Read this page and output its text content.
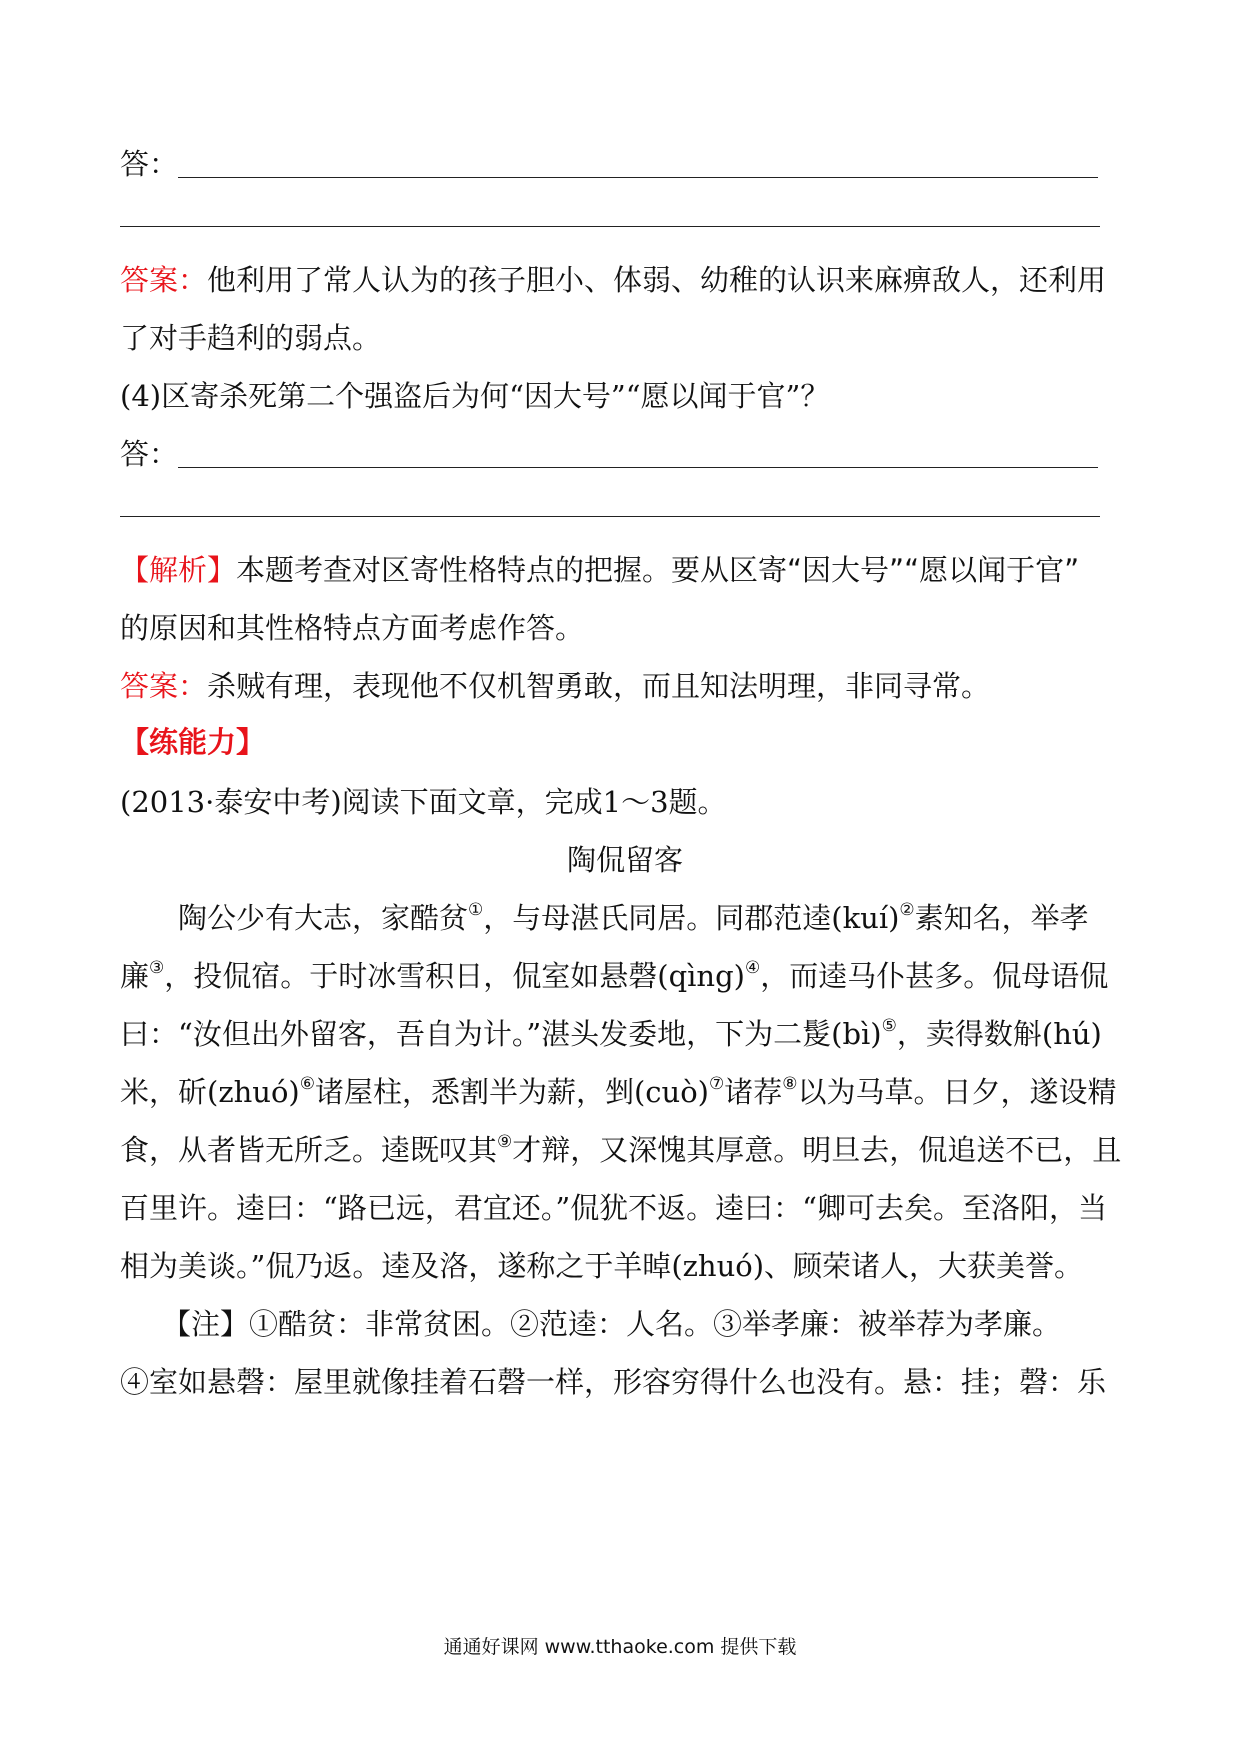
答：
答案：他利用了常人认为的孩子胆小、体弱、幼稚的认识来麻痹敌人，还利用
了对手趋利的弱点。
(4)区寄杀死第二个强盗后为何“因大号”“愿以闻于官”？
答：
【解析】本题考查对区寄性格特点的把握。要从区寄“因大号”“愿以闻于官”
的原因和其性格特点方面考虑作答。
答案：杀贼有理，表现他不仅机智勇敢，而且知法明理，非同寻常。
【练能力】
(2013·泰安中考)阅读下面文章，完成1～3题。
陶侃留客
陶公少有大志，家酷贫①，与母湛氏同居。同郡范逵(kuí)②素知名，举孝
廉③，投侃宿。于时冰雪积日，侃室如悬磬(qìng)④，而逵马仆甚多。侃母语侃
曰：“汝但出外留客，吾自为计。”湛头发委地，下为二髲(bì)⑤，卖得数斛(hú)
米，斫(zhuó)⑥诸屋柱，悉割半为薪，剉(cuò)⑦诸荐⑧以为马草。日夕，遂设精
食，从者皆无所乏。逵既叹其⑨才辩，又深愧其厚意。明旦去，侃追送不已，且
百里许。逵曰：“路已远，君宜还。”侃犹不返。逵曰：“卿可去矣。至洛阳，当
相为美谈。”侃乃返。逵及洛，遂称之于羊晫(zhuó)、顾荣诸人，大获美誉。
【注】①酷贫：非常贫困。②范逵：人名。③举孝廉：被举荐为孝廉。
④室如悬磬：屋里就像挂着石磬一样，形容穷得什么也没有。悬：挂；磬：乐
通通好课网 www.tthaoke.com 提供下载
